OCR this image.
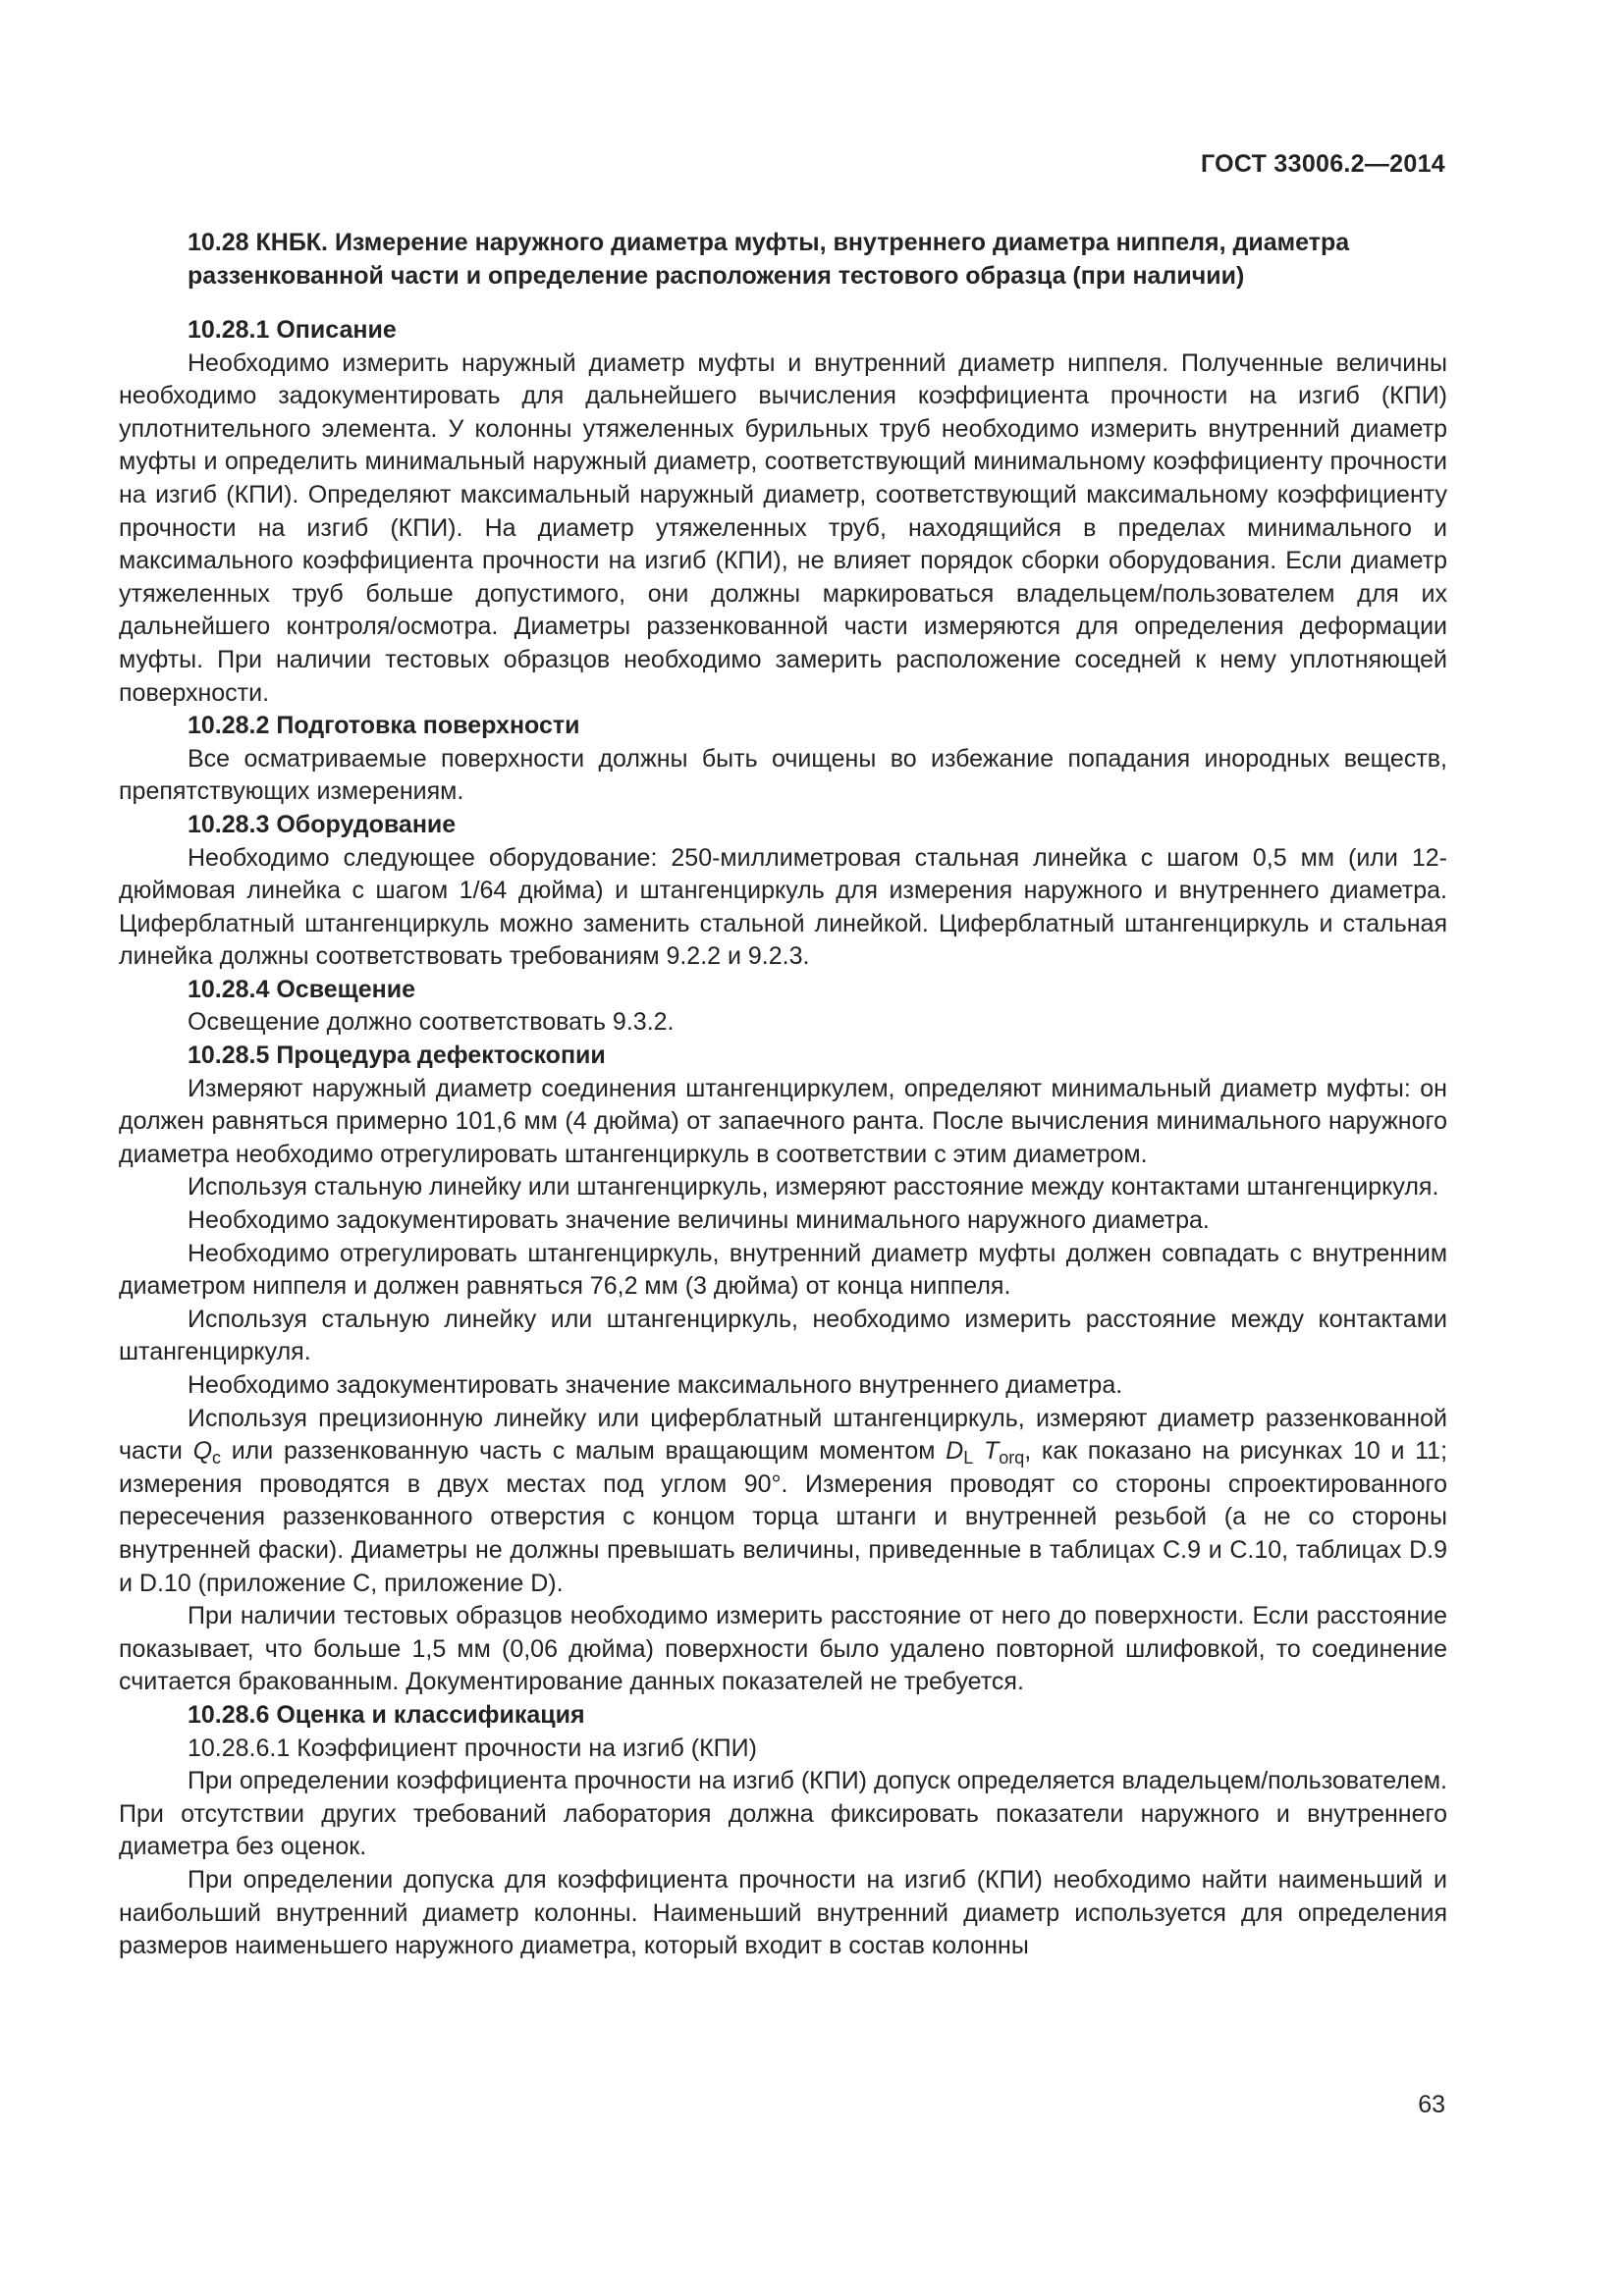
ГОСТ 33006.2—2014
10.28 КНБК. Измерение наружного диаметра муфты, внутреннего диаметра ниппеля, диаметра раззенкованной части и определение расположения тестового образца (при наличии)
10.28.1 Описание

Необходимо измерить наружный диаметр муфты и внутренний диаметр ниппеля. Полученные величины необходимо задокументировать для дальнейшего вычисления коэффициента прочности на изгиб (КПИ) уплотнительного элемента. У колонны утяжеленных бурильных труб необходимо измерить внутренний диаметр муфты и определить минимальный наружный диаметр, соответствующий минимальному коэффициенту прочности на изгиб (КПИ). Определяют максимальный наружный диаметр, соответствующий максимальному коэффициенту прочности на изгиб (КПИ). На диаметр утяжеленных труб, находящийся в пределах минимального и максимального коэффициента прочности на изгиб (КПИ), не влияет порядок сборки оборудования. Если диаметр утяжеленных труб больше допустимого, они должны маркироваться владельцем/пользователем для их дальнейшего контроля/осмотра. Диаметры раззенкованной части измеряются для определения деформации муфты. При наличии тестовых образцов необходимо замерить расположение соседней к нему уплотняющей поверхности.

10.28.2 Подготовка поверхности

Все осматриваемые поверхности должны быть очищены во избежание попадания инородных веществ, препятствующих измерениям.

10.28.3 Оборудование

Необходимо следующее оборудование: 250-миллиметровая стальная линейка с шагом 0,5 мм (или 12-дюймовая линейка с шагом 1/64 дюйма) и штангенциркуль для измерения наружного и внутреннего диаметра. Циферблатный штангенциркуль можно заменить стальной линейкой. Циферблатный штангенциркуль и стальная линейка должны соответствовать требованиям 9.2.2 и 9.2.3.

10.28.4 Освещение

Освещение должно соответствовать 9.3.2.

10.28.5 Процедура дефектоскопии

Измеряют наружный диаметр соединения штангенциркулем, определяют минимальный диаметр муфты: он должен равняться примерно 101,6 мм (4 дюйма) от запаечного ранта. После вычисления минимального наружного диаметра необходимо отрегулировать штангенциркуль в соответствии с этим диаметром.

Используя стальную линейку или штангенциркуль, измеряют расстояние между контактами штангенциркуля.

Необходимо задокументировать значение величины минимального наружного диаметра.

Необходимо отрегулировать штангенциркуль, внутренний диаметр муфты должен совпадать с внутренним диаметром ниппеля и должен равняться 76,2 мм (3 дюйма) от конца ниппеля.

Используя стальную линейку или штангенциркуль, необходимо измерить расстояние между контактами штангенциркуля.

Необходимо задокументировать значение максимального внутреннего диаметра.

Используя прецизионную линейку или циферблатный штангенциркуль, измеряют диаметр раззенкованной части $Q_c$ или раззенкованную часть с малым вращающим моментом $D_L$ $T_{orq}$, как показано на рисунках 10 и 11; измерения проводятся в двух местах под углом 90°. Измерения проводят со стороны спроектированного пересечения раззенкованного отверстия с концом торца штанги и внутренней резьбой (а не со стороны внутренней фаски). Диаметры не должны превышать величины, приведенные в таблицах С.9 и С.10, таблицах D.9 и D.10 (приложение С, приложение D).

При наличии тестовых образцов необходимо измерить расстояние от него до поверхности. Если расстояние показывает, что больше 1,5 мм (0,06 дюйма) поверхности было удалено повторной шлифовкой, то соединение считается бракованным. Документирование данных показателей не требуется.

10.28.6 Оценка и классификация
10.28.6.1 Коэффициент прочности на изгиб (КПИ)

При определении коэффициента прочности на изгиб (КПИ) допуск определяется владельцем/пользователем. При отсутствии других требований лаборатория должна фиксировать показатели наружного и внутреннего диаметра без оценок.

При определении допуска для коэффициента прочности на изгиб (КПИ) необходимо найти наименьший и наибольший внутренний диаметр колонны. Наименьший внутренний диаметр используется для определения размеров наименьшего наружного диаметра, который входит в состав колонны

63
